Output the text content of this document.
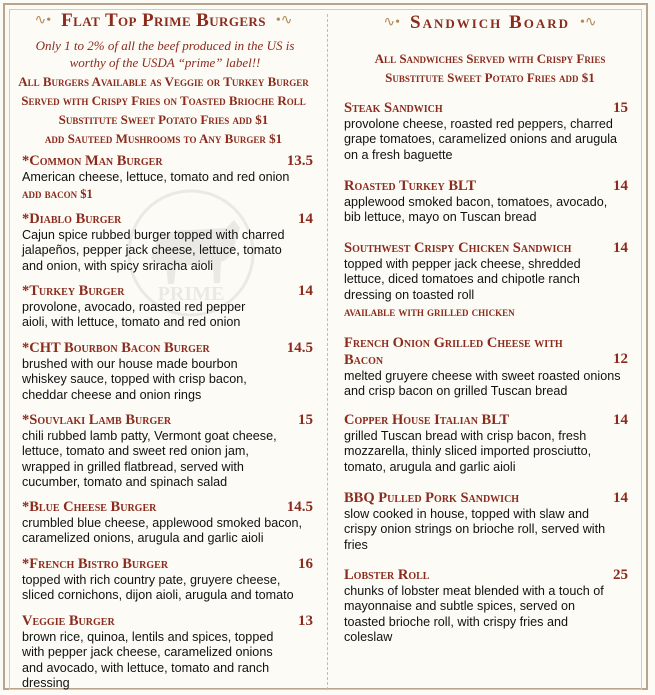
∿• Flat Top Prime Burgers •∿
Only 1 to 2% of all the beef produced in the US is worthy of the USDA “prime” label!!
All Burgers Available as Veggie or Turkey Burger
Served with Crispy Fries on Toasted Brioche Roll
Substitute Sweet Potato Fries add $1
add Sauteed Mushrooms to Any Burger $1
PRIME
*Common Man Burger	13.5
American cheese, lettuce, tomato and red onion
add bacon $1
*Diablo Burger	14
Cajun spice rubbed burger topped with charred jalapeños, pepper jack cheese, lettuce, tomato and onion, with spicy sriracha aioli
*Turkey Burger	14
provolone, avocado, roasted red pepper aioli, with lettuce, tomato and red onion
*CHT Bourbon Bacon Burger	14.5
brushed with our house made bourbon whiskey sauce, topped with crisp bacon, cheddar cheese and onion rings
*Souvlaki Lamb Burger	15
chili rubbed lamb patty, Vermont goat cheese, lettuce, tomato and sweet red onion jam, wrapped in grilled flatbread, served with cucumber, tomato and spinach salad
*Blue Cheese Burger	14.5
crumbled blue cheese, applewood smoked bacon, caramelized onions, arugula and garlic aioli
*French Bistro Burger	16
topped with rich country pate, gruyere cheese, sliced cornichons, dijon aioli, arugula and tomato
Veggie Burger	13
brown rice, quinoa, lentils and spices, topped with pepper jack cheese, caramelized onions and avocado, with lettuce, tomato and ranch dressing
∿• Sandwich Board •∿
All Sandwiches Served with Crispy Fries
Substitute Sweet Potato Fries add $1
Steak Sandwich	15
provolone cheese, roasted red peppers, charred grape tomatoes, caramelized onions and arugula on a fresh baguette
Roasted Turkey BLT	14
applewood smoked bacon, tomatoes, avocado, bib lettuce, mayo on Tuscan bread
Southwest Crispy Chicken Sandwich	14
topped with pepper jack cheese, shredded lettuce, diced tomatoes and chipotle ranch dressing on toasted roll
available with grilled chicken
French Onion Grilled Cheese with Bacon	12
melted gruyere cheese with sweet roasted onions and crisp bacon on grilled Tuscan bread
Copper House Italian BLT	14
grilled Tuscan bread with crisp bacon, fresh mozzarella, thinly sliced imported prosciutto, tomato, arugula and garlic aioli
BBQ Pulled Pork Sandwich	14
slow cooked in house, topped with slaw and crispy onion strings on brioche roll, served with fries
Lobster Roll	25
chunks of lobster meat blended with a touch of mayonnaise and subtle spices, served on toasted brioche roll, with crispy fries and coleslaw
